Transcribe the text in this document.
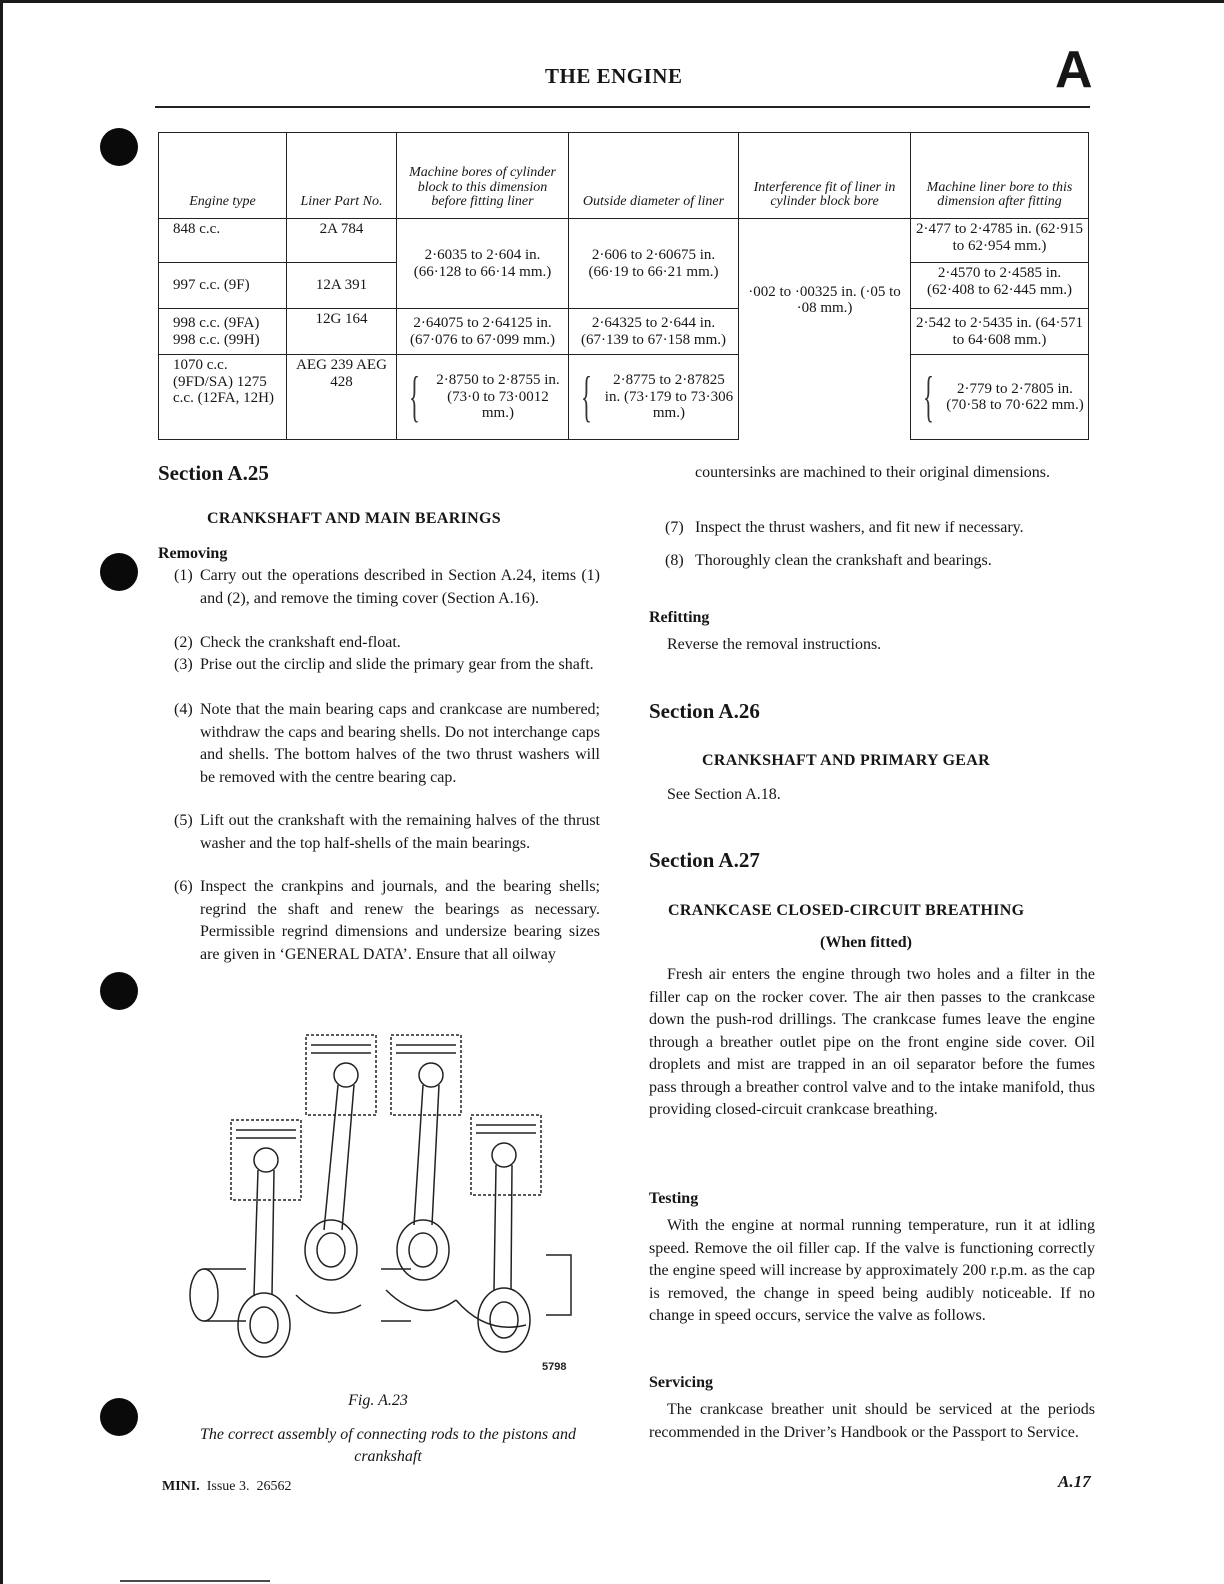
THE ENGINE	A
Engine type	Liner Part No.	Machine bores of cylinder block to this dimension before fitting liner	Outside diameter of liner	Interference fit of liner in cylinder block bore	Machine liner bore to this dimension after fitting
848 c.c.	2A 784	2·6035 to 2·604 in. (66·128 to 66·14 mm.)	2·606 to 2·60675 in. (66·19 to 66·21 mm.)	·002 to ·00325 in. (·05 to ·08 mm.)	2·477 to 2·4785 in. (62·915 to 62·954 mm.)
997 c.c. (9F)	12A 391				2·4570 to 2·4585 in. (62·408 to 62·445 mm.)
998 c.c. (9FA) 998 c.c. (99H)	12G 164	2·64075 to 2·64125 in. (67·076 to 67·099 mm.)	2·64325 to 2·644 in. (67·139 to 67·158 mm.)		2·542 to 2·5435 in. (64·571 to 64·608 mm.)
1070 c.c. (9FD/SA) 1275 c.c. (12FA, 12H)	AEG 239 AEG 428	{ 2·8750 to 2·8755 in. (73·0 to 73·0012 mm.)	{ 2·8775 to 2·87825 in. (73·179 to 73·306 mm.)		{ 2·779 to 2·7805 in. (70·58 to 70·622 mm.)
Section A.25
CRANKSHAFT AND MAIN BEARINGS
Removing
(1) Carry out the operations described in Section A.24, items (1) and (2), and remove the timing cover (Section A.16).
(2) Check the crankshaft end-float.
(3) Prise out the circlip and slide the primary gear from the shaft.
(4) Note that the main bearing caps and crankcase are numbered; withdraw the caps and bearing shells. Do not interchange caps and shells. The bottom halves of the two thrust washers will be removed with the centre bearing cap.
(5) Lift out the crankshaft with the remaining halves of the thrust washer and the top half-shells of the main bearings.
(6) Inspect the crankpins and journals, and the bearing shells; regrind the shaft and renew the bearings as necessary. Permissible regrind dimensions and undersize bearing sizes are given in ‘GENERAL DATA’. Ensure that all oilway
5798
Fig. A.23
The correct assembly of connecting rods to the pistons and crankshaft
countersinks are machined to their original dimensions.
(7) Inspect the thrust washers, and fit new if necessary.
(8) Thoroughly clean the crankshaft and bearings.
Refitting
Reverse the removal instructions.
Section A.26
CRANKSHAFT AND PRIMARY GEAR
See Section A.18.
Section A.27
CRANKCASE CLOSED-CIRCUIT BREATHING
(When fitted)
Fresh air enters the engine through two holes and a filter in the filler cap on the rocker cover. The air then passes to the crankcase down the push-rod drillings. The crankcase fumes leave the engine through a breather outlet pipe on the front engine side cover. Oil droplets and mist are trapped in an oil separator before the fumes pass through a breather control valve and to the intake manifold, thus providing closed-circuit crankcase breathing.
Testing
With the engine at normal running temperature, run it at idling speed. Remove the oil filler cap. If the valve is functioning correctly the engine speed will increase by approximately 200 r.p.m. as the cap is removed, the change in speed being audibly noticeable. If no change in speed occurs, service the valve as follows.
Servicing
The crankcase breather unit should be serviced at the periods recommended in the Driver’s Handbook or the Passport to Service.
MINI. Issue 3. 26562	A.17
